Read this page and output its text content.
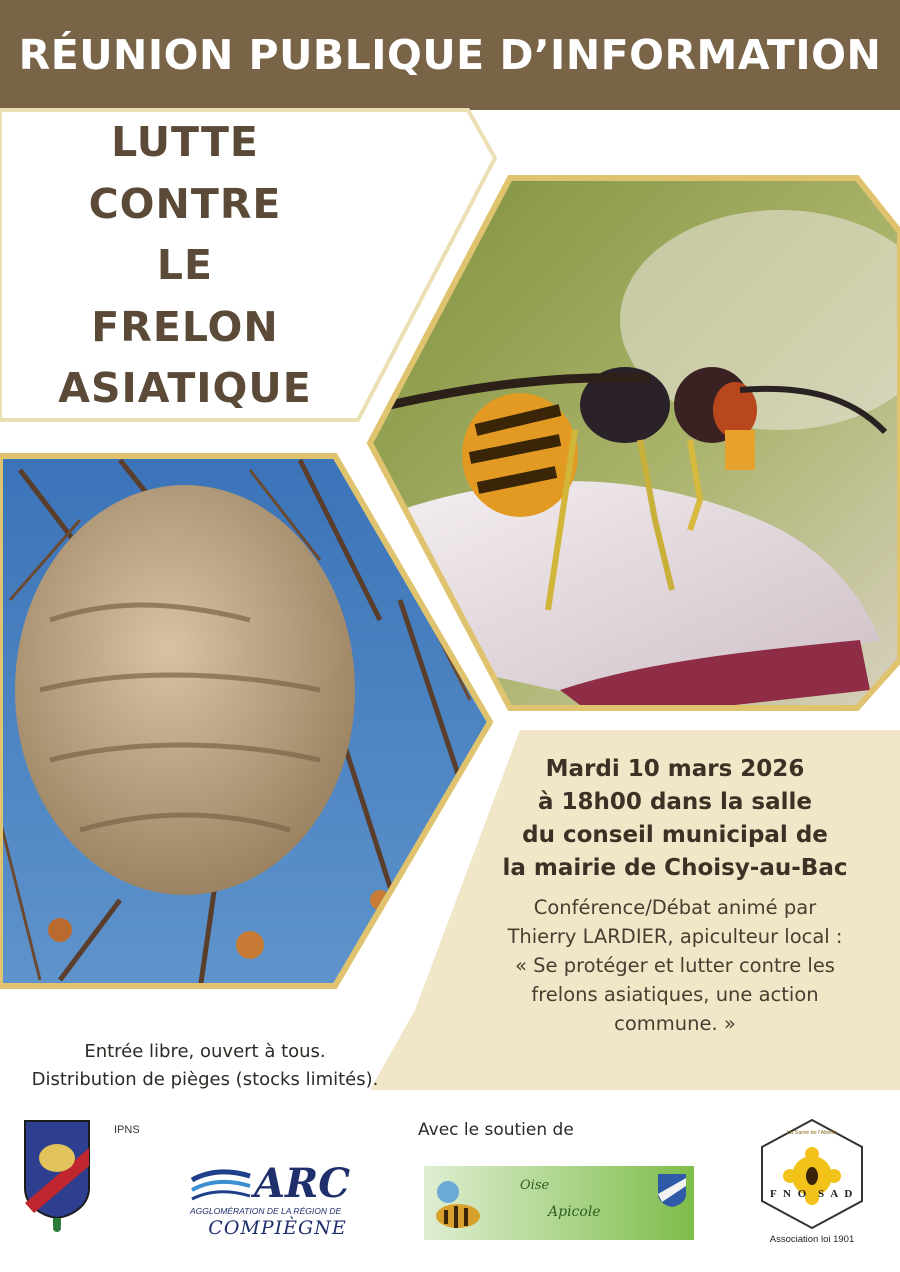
RÉUNION PUBLIQUE D’INFORMATION
LUTTE
CONTRE
LE
FRELON
ASIATIQUE
Mardi 10 mars 2026
à 18h00 dans la salle
du conseil municipal de
la mairie de Choisy-au-Bac
Conférence/Débat animé par
Thierry LARDIER, apiculteur local :
« Se protéger et lutter contre les
frelons asiatiques, une action
commune. »
Entrée libre, ouvert à tous.
Distribution de pièges (stocks limités).
IPNS
ARC
AGGLOMÉRATION DE LA RÉGION DE
COMPIÈGNE
Avec le soutien de
Oise
Apicole
La Santé de l'Abeille
F N O S A D
Association loi 1901
